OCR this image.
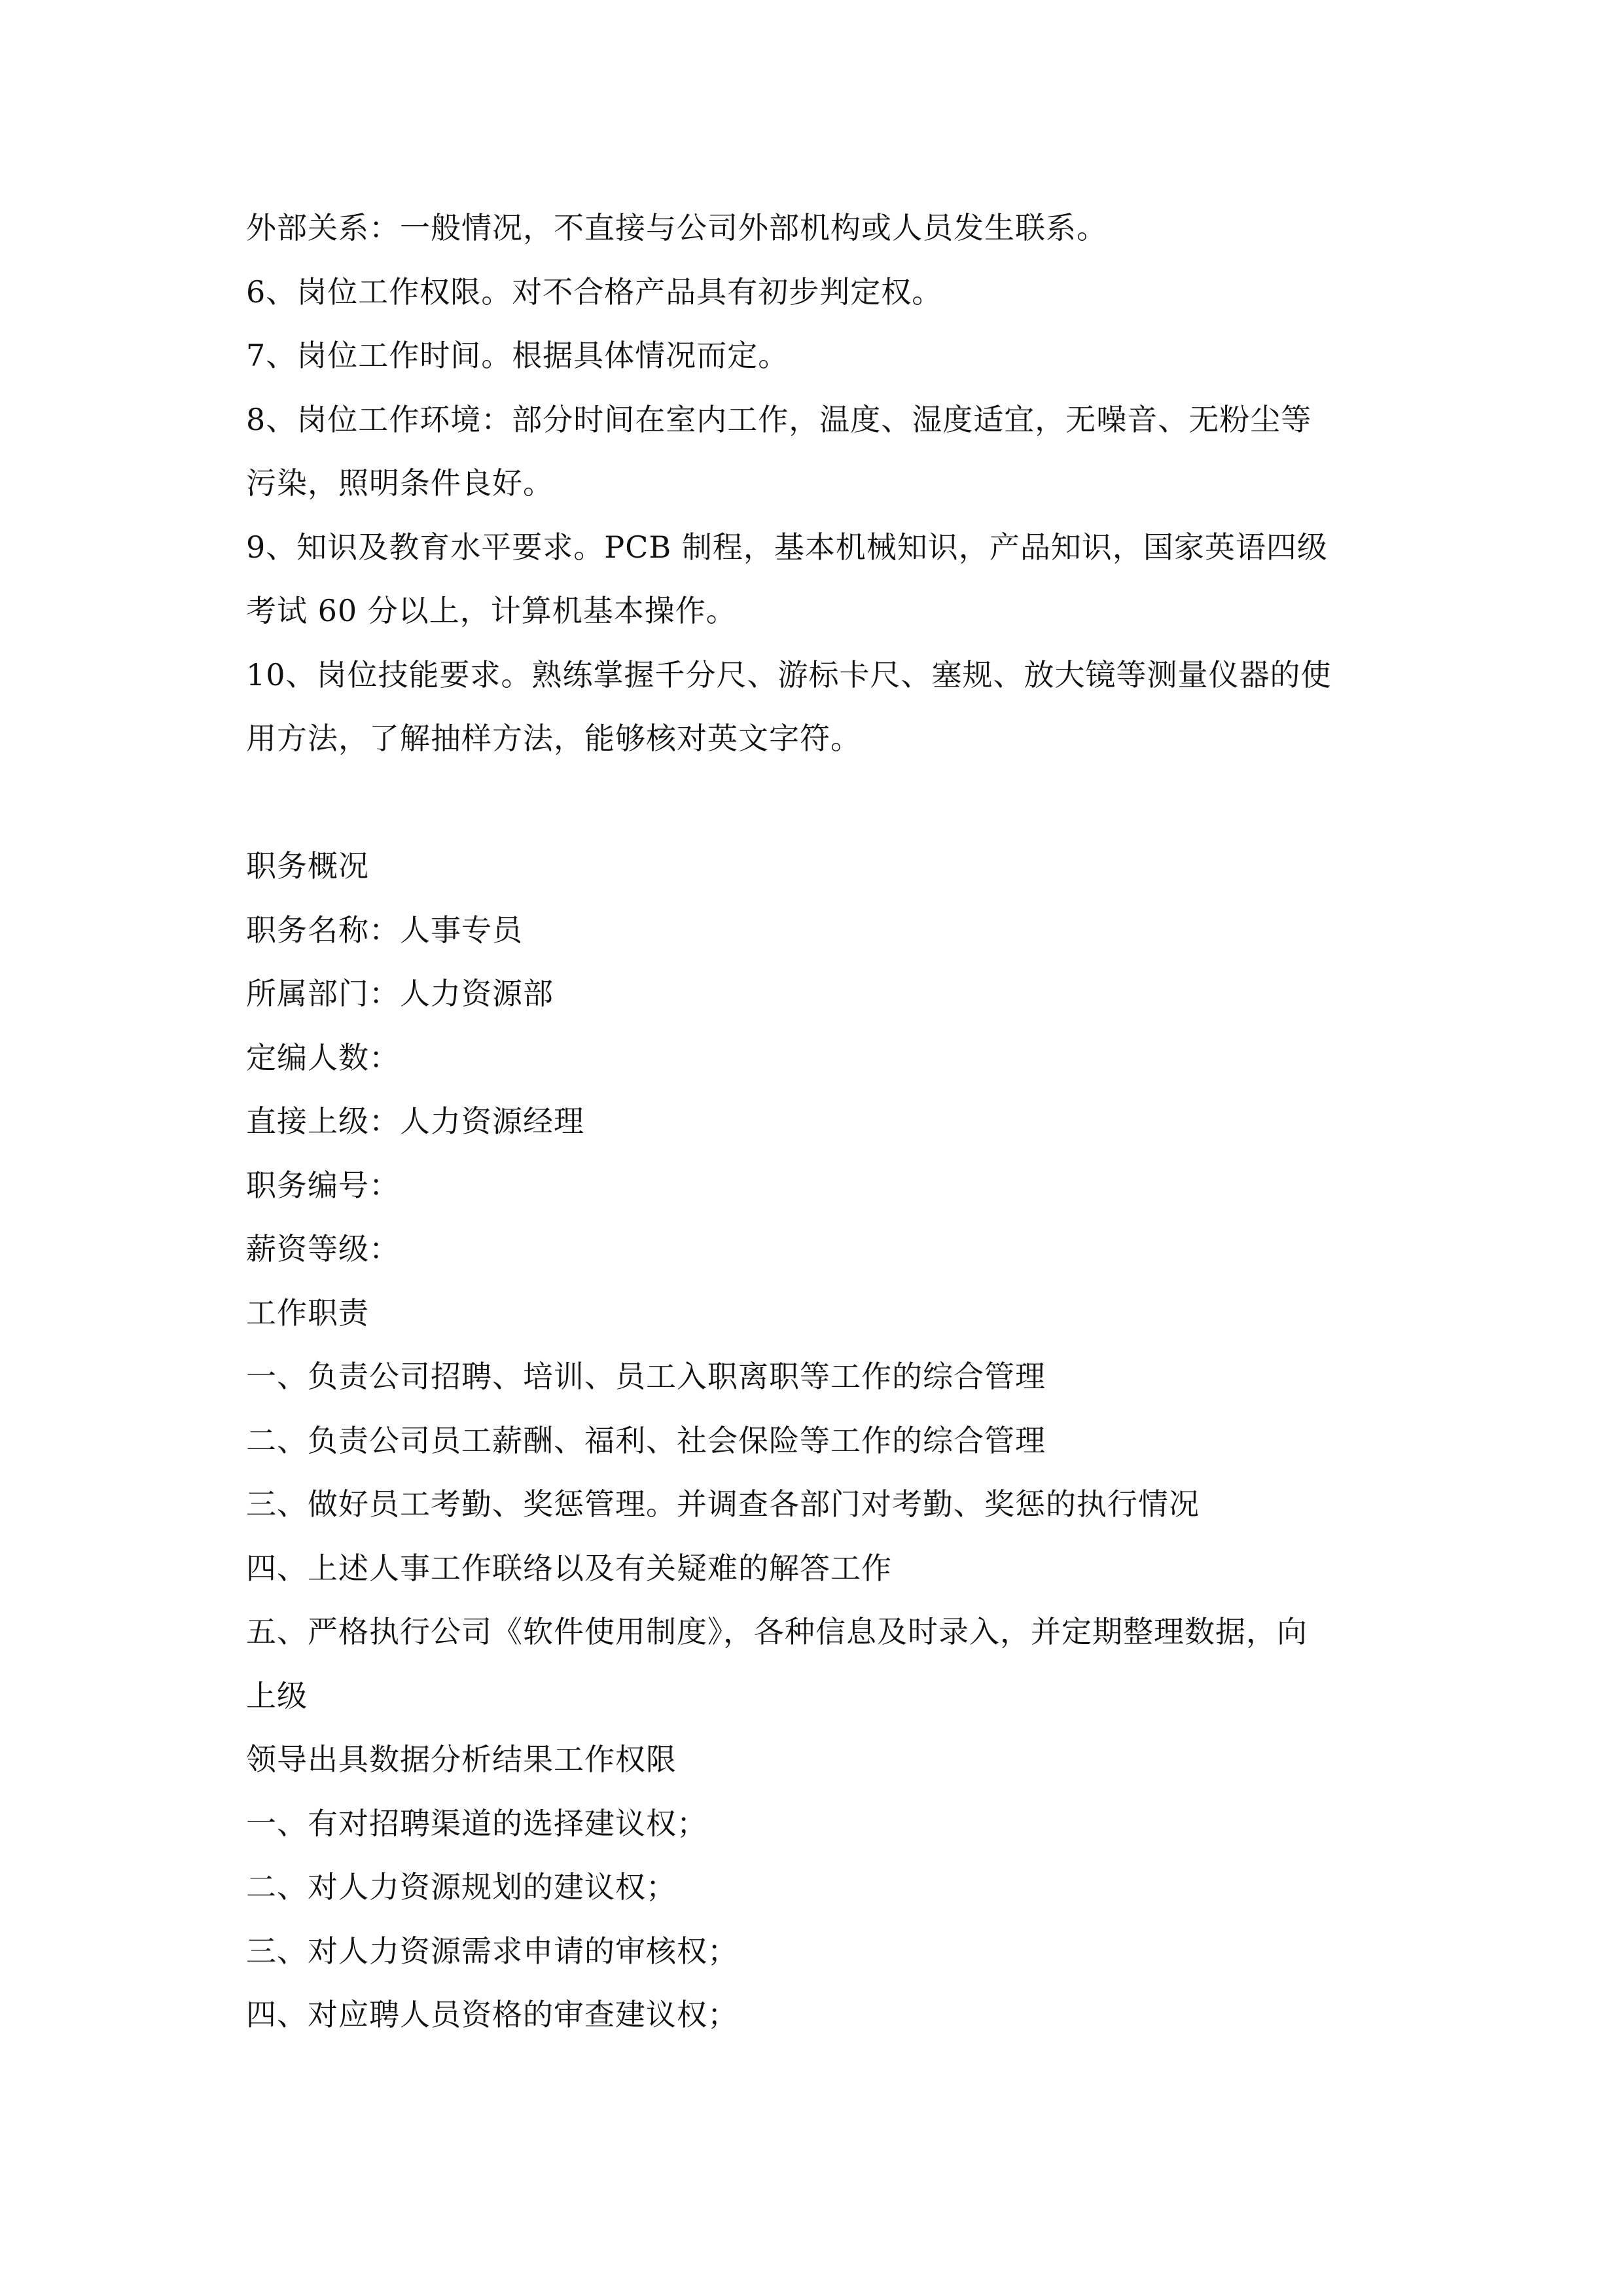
外部关系：一般情况，不直接与公司外部机构或人员发生联系。
6、岗位工作权限。对不合格产品具有初步判定权。
7、岗位工作时间。根据具体情况而定。
8、岗位工作环境：部分时间在室内工作，温度、湿度适宜，无噪音、无粉尘等
污染，照明条件良好。
9、知识及教育水平要求。PCB 制程，基本机械知识，产品知识，国家英语四级
考试 60 分以上，计算机基本操作。
10、岗位技能要求。熟练掌握千分尺、游标卡尺、塞规、放大镜等测量仪器的使
用方法，了解抽样方法，能够核对英文字符。
职务概况
职务名称：人事专员
所属部门：人力资源部
定编人数：
直接上级：人力资源经理
职务编号：
薪资等级：
工作职责
一、负责公司招聘、培训、员工入职离职等工作的综合管理
二、负责公司员工薪酬、福利、社会保险等工作的综合管理
三、做好员工考勤、奖惩管理。并调查各部门对考勤、奖惩的执行情况
四、上述人事工作联络以及有关疑难的解答工作
五、严格执行公司《软件使用制度》，各种信息及时录入，并定期整理数据，向
上级
领导出具数据分析结果工作权限
一、有对招聘渠道的选择建议权；
二、对人力资源规划的建议权；
三、对人力资源需求申请的审核权；
四、对应聘人员资格的审查建议权；
